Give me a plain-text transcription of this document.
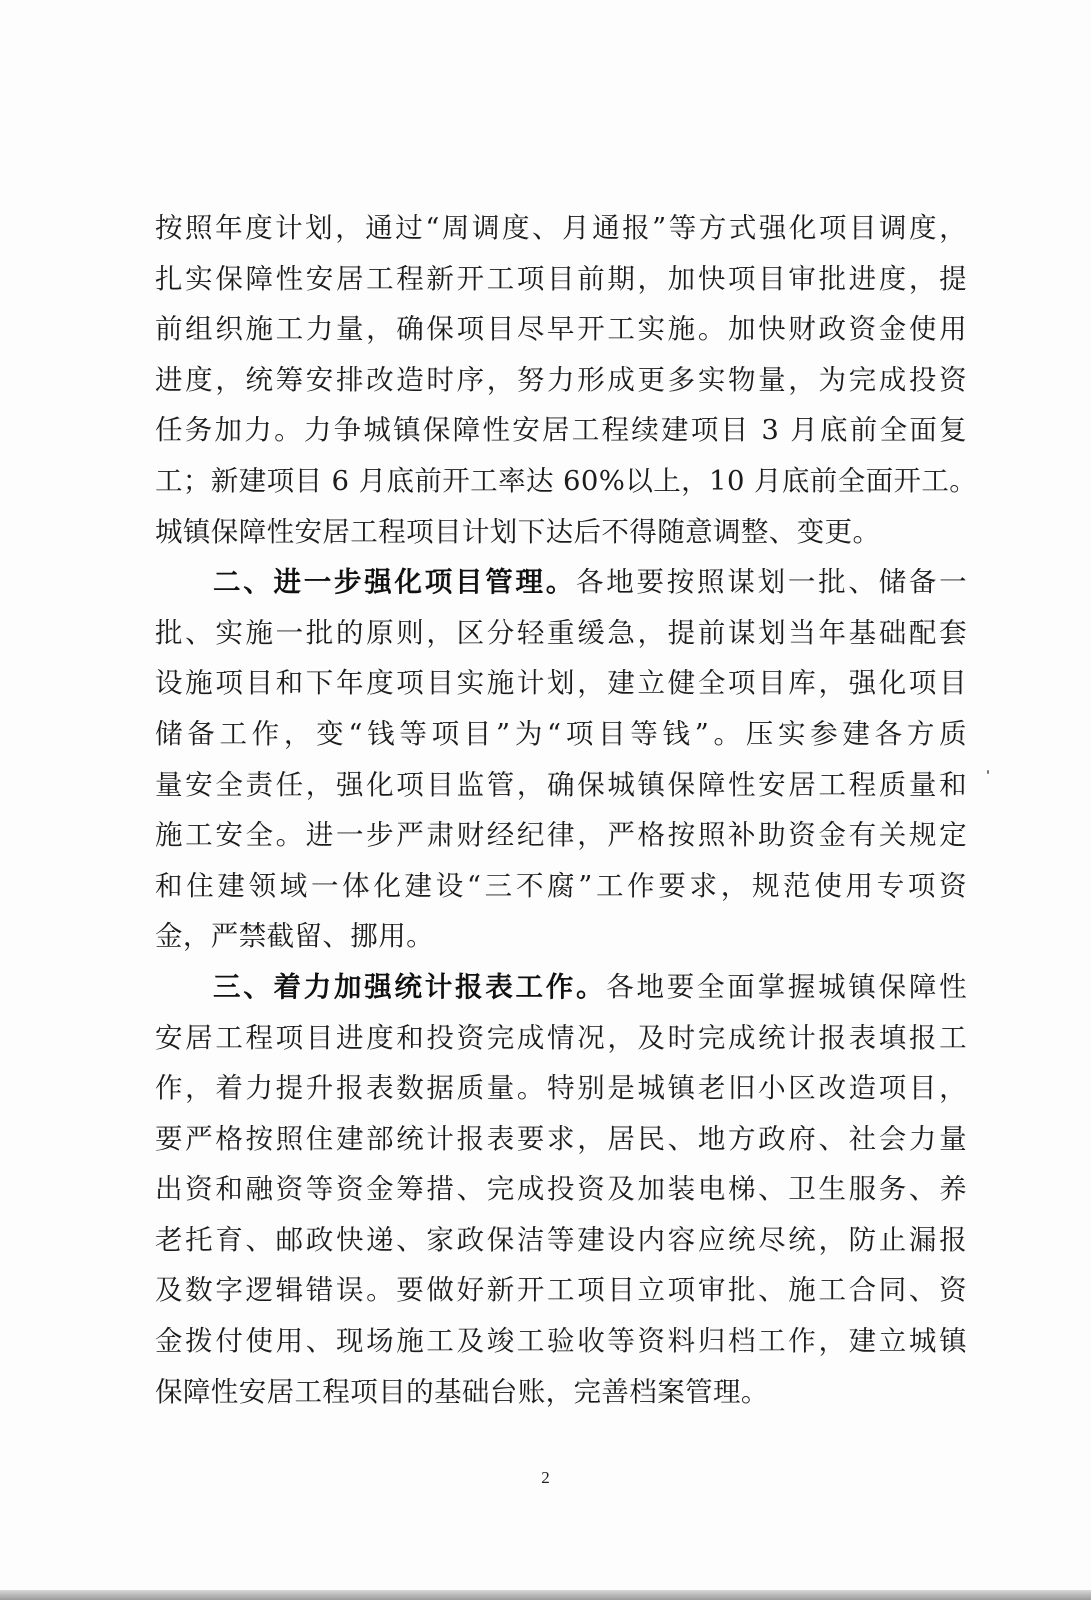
按照年度计划，通过“周调度、月通报”等方式强化项目调度，
扎实保障性安居工程新开工项目前期，加快项目审批进度，提
前组织施工力量，确保项目尽早开工实施。加快财政资金使用
进度，统筹安排改造时序，努力形成更多实物量，为完成投资
任务加力。力争城镇保障性安居工程续建项目 3 月底前全面复
工；新建项目 6 月底前开工率达 60%以上，10 月底前全面开工。
城镇保障性安居工程项目计划下达后不得随意调整、变更。
二、进一步强化项目管理。各地要按照谋划一批、储备一
批、实施一批的原则，区分轻重缓急，提前谋划当年基础配套
设施项目和下年度项目实施计划，建立健全项目库，强化项目
储备工作，变“钱等项目”为“项目等钱”。压实参建各方质
量安全责任，强化项目监管，确保城镇保障性安居工程质量和
施工安全。进一步严肃财经纪律，严格按照补助资金有关规定
和住建领域一体化建设“三不腐”工作要求，规范使用专项资
金，严禁截留、挪用。
三、着力加强统计报表工作。各地要全面掌握城镇保障性
安居工程项目进度和投资完成情况，及时完成统计报表填报工
作，着力提升报表数据质量。特别是城镇老旧小区改造项目，
要严格按照住建部统计报表要求，居民、地方政府、社会力量
出资和融资等资金筹措、完成投资及加装电梯、卫生服务、养
老托育、邮政快递、家政保洁等建设内容应统尽统，防止漏报
及数字逻辑错误。要做好新开工项目立项审批、施工合同、资
金拨付使用、现场施工及竣工验收等资料归档工作，建立城镇
保障性安居工程项目的基础台账，完善档案管理。
2
